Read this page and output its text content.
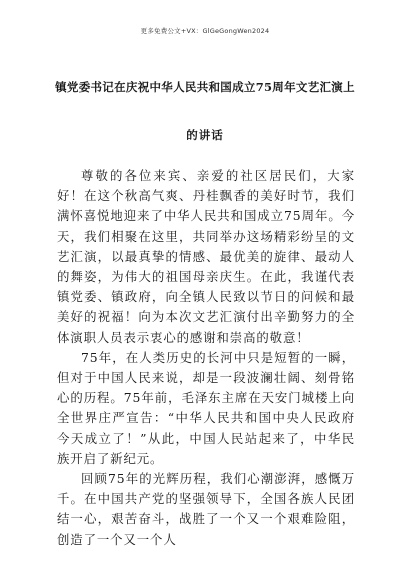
更多免费公文+VX：GlGeGongWen2024
镇党委书记在庆祝中华人民共和国成立75周年文艺汇演上
的讲话

尊敬的各位来宾、亲爱的社区居民们，大家好！在这个秋高气爽、丹桂飘香的美好时节，我们满怀喜悦地迎来了中华人民共和国成立75周年。今天，我们相聚在这里，共同举办这场精彩纷呈的文艺汇演，以最真挚的情感、最优美的旋律、最动人的舞姿，为伟大的祖国母亲庆生。在此，我谨代表镇党委、镇政府，向全镇人民致以节日的问候和最美好的祝福！向为本次文艺汇演付出辛勤努力的全体演职人员表示衷心的感谢和崇高的敬意！

75年，在人类历史的长河中只是短暂的一瞬，但对于中国人民来说，却是一段波澜壮阔、刻骨铭心的历程。75年前，毛泽东主席在天安门城楼上向全世界庄严宣告：“中华人民共和国中央人民政府今天成立了！”从此，中国人民站起来了，中华民族开启了新纪元。

回顾75年的光辉历程，我们心潮澎湃，感慨万千。在中国共产党的坚强领导下，全国各族人民团结一心，艰苦奋斗，战胜了一个又一个艰难险阻，创造了一个又一个人
